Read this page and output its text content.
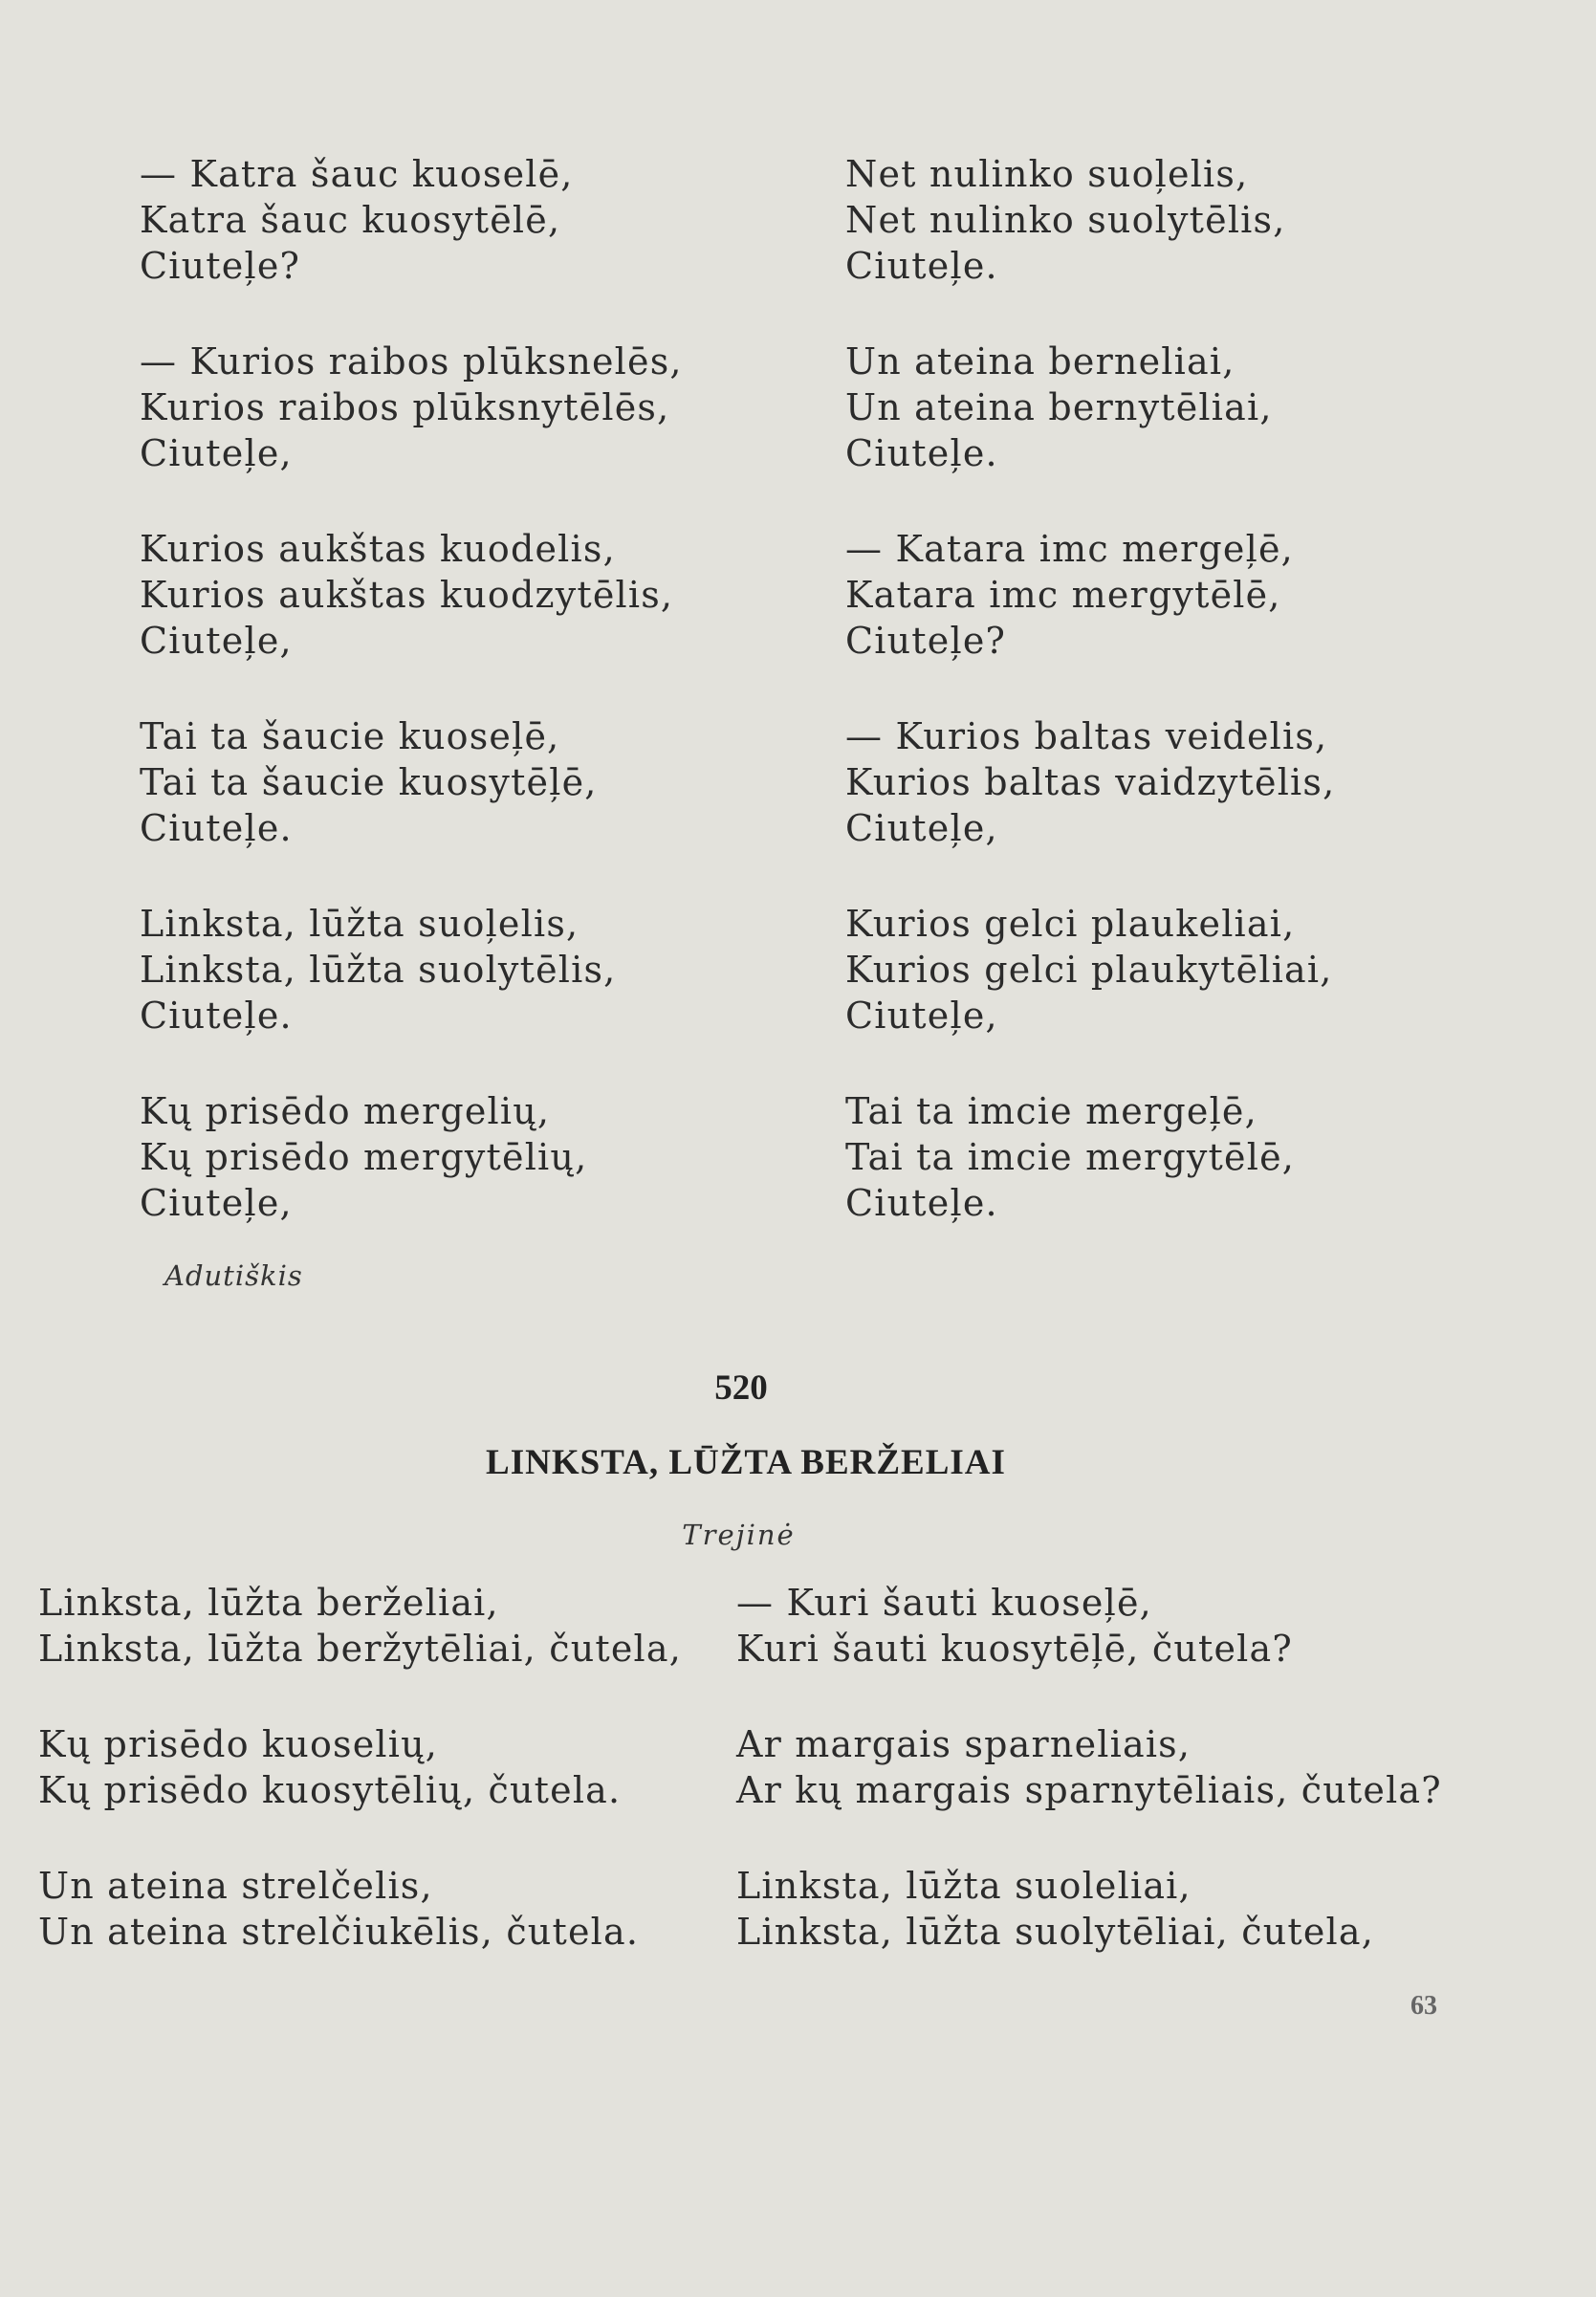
— Katra šauc kuoselē,
Katra šauc kuosytēlē,
Ciuteļe?
— Kurios raibos plūksnelēs,
Kurios raibos plūksnytēlēs,
Ciuteļe,
Kurios aukštas kuodelis,
Kurios aukštas kuodzytēlis,
Ciuteļe,
Tai ta šaucie kuoseļē,
Tai ta šaucie kuosytēļē,
Ciuteļe.
Linksta, lūžta suoļelis,
Linksta, lūžta suolytēlis,
Ciuteļe.
Kų prisēdo mergelių,
Kų prisēdo mergytēlių,
Ciuteļe,
Net nulinko suoļelis,
Net nulinko suolytēlis,
Ciuteļe.
Un ateina berneliai,
Un ateina bernytēliai,
Ciuteļe.
— Katara imc mergeļē,
Katara imc mergytēlē,
Ciuteļe?
— Kurios baltas veidelis,
Kurios baltas vaidzytēlis,
Ciuteļe,
Kurios gelci plaukeliai,
Kurios gelci plaukytēliai,
Ciuteļe,
Tai ta imcie mergeļē,
Tai ta imcie mergytēlē,
Ciuteļe.
Adutiškis
520
LINKSTA, LŪŽTA BERŽELIAI
Trejinė
Linksta, lūžta berželiai,
Linksta, lūžta beržytēliai, čutela,
Kų prisēdo kuoselių,
Kų prisēdo kuosytēlių, čutela.
Un ateina strelčelis,
Un ateina strelčiukēlis, čutela.
— Kuri šauti kuoseļē,
Kuri šauti kuosytēļē, čutela?
Ar margais sparneliais,
Ar kų margais sparnytēliais, čutela?
Linksta, lūžta suoleliai,
Linksta, lūžta suolytēliai, čutela,
63
